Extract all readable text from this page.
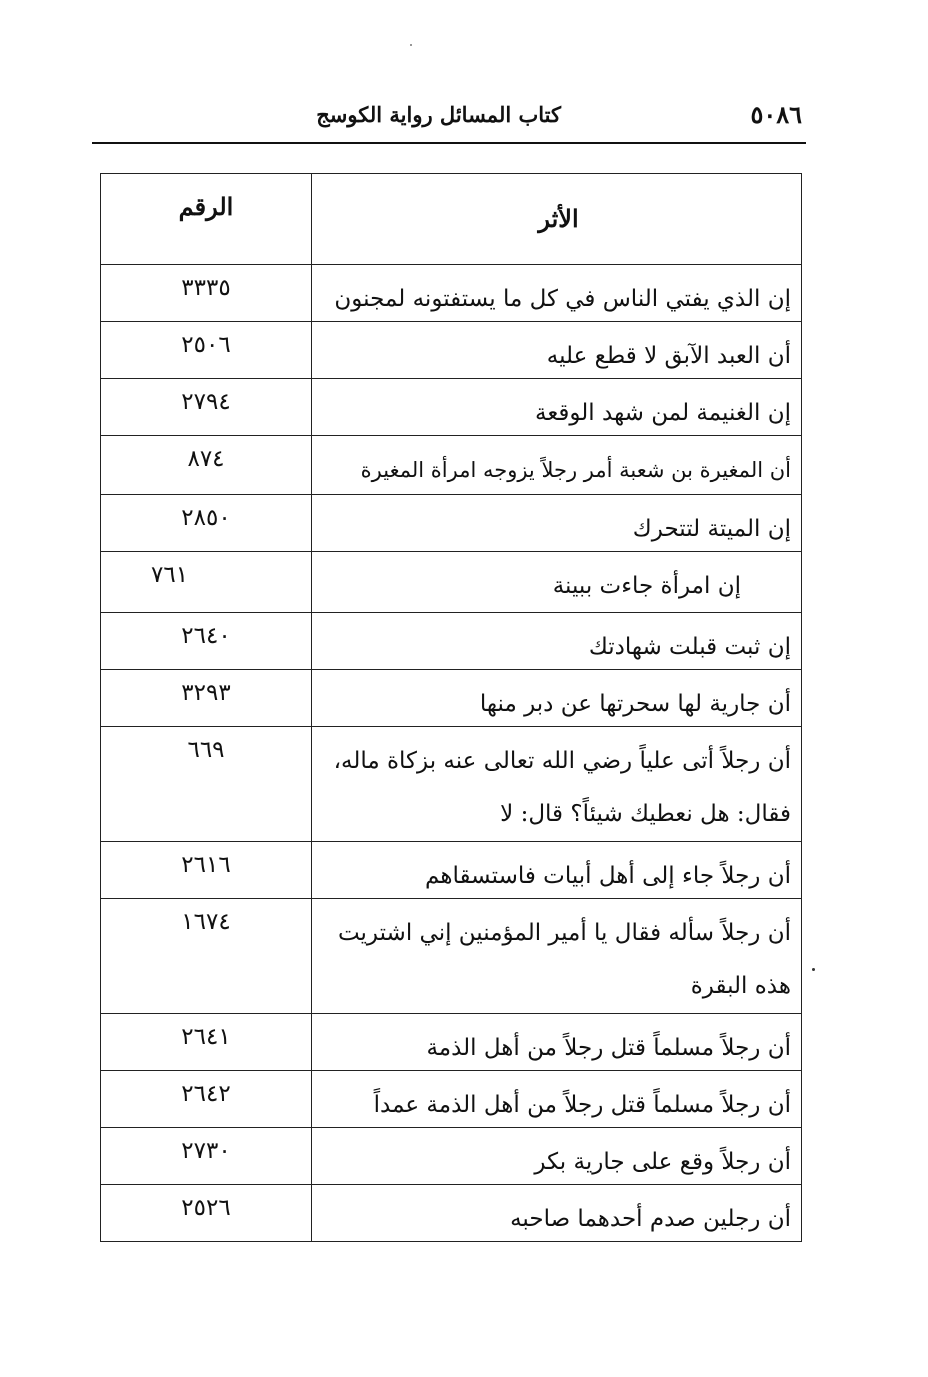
٥٠٨٦
كتاب المسائل رواية الكوسج
الأثر
الرقم
إن الذي يفتي الناس في كل ما يستفتونه لمجنون
٣٣٣٥
أن العبد الآبق لا قطع عليه
٢٥٠٦
إن الغنيمة لمن شهد الوقعة
٢٧٩٤
أن المغيرة بن شعبة أمر رجلاً يزوجه امرأة المغيرة
٨٧٤
إن الميتة لتتحرك
٢٨٥٠
إن امرأة جاءت ببينة
٧٦١
إن ثبت قبلت شهادتك
٢٦٤٠
أن جارية لها سحرتها عن دبر منها
٣٢٩٣
أن رجلاً أتى علياً رضي الله تعالى عنه بزكاة ماله، فقال: هل نعطيك شيئاً؟ قال: لا
٦٦٩
أن رجلاً جاء إلى أهل أبيات فاستسقاهم
٢٦١٦
أن رجلاً سأله فقال يا أمير المؤمنين إني اشتريت هذه البقرة
١٦٧٤
أن رجلاً مسلماً قتل رجلاً من أهل الذمة
٢٦٤١
أن رجلاً مسلماً قتل رجلاً من أهل الذمة عمداً
٢٦٤٢
أن رجلاً وقع على جارية بكر
٢٧٣٠
أن رجلين صدم أحدهما صاحبه
٢٥٢٦
